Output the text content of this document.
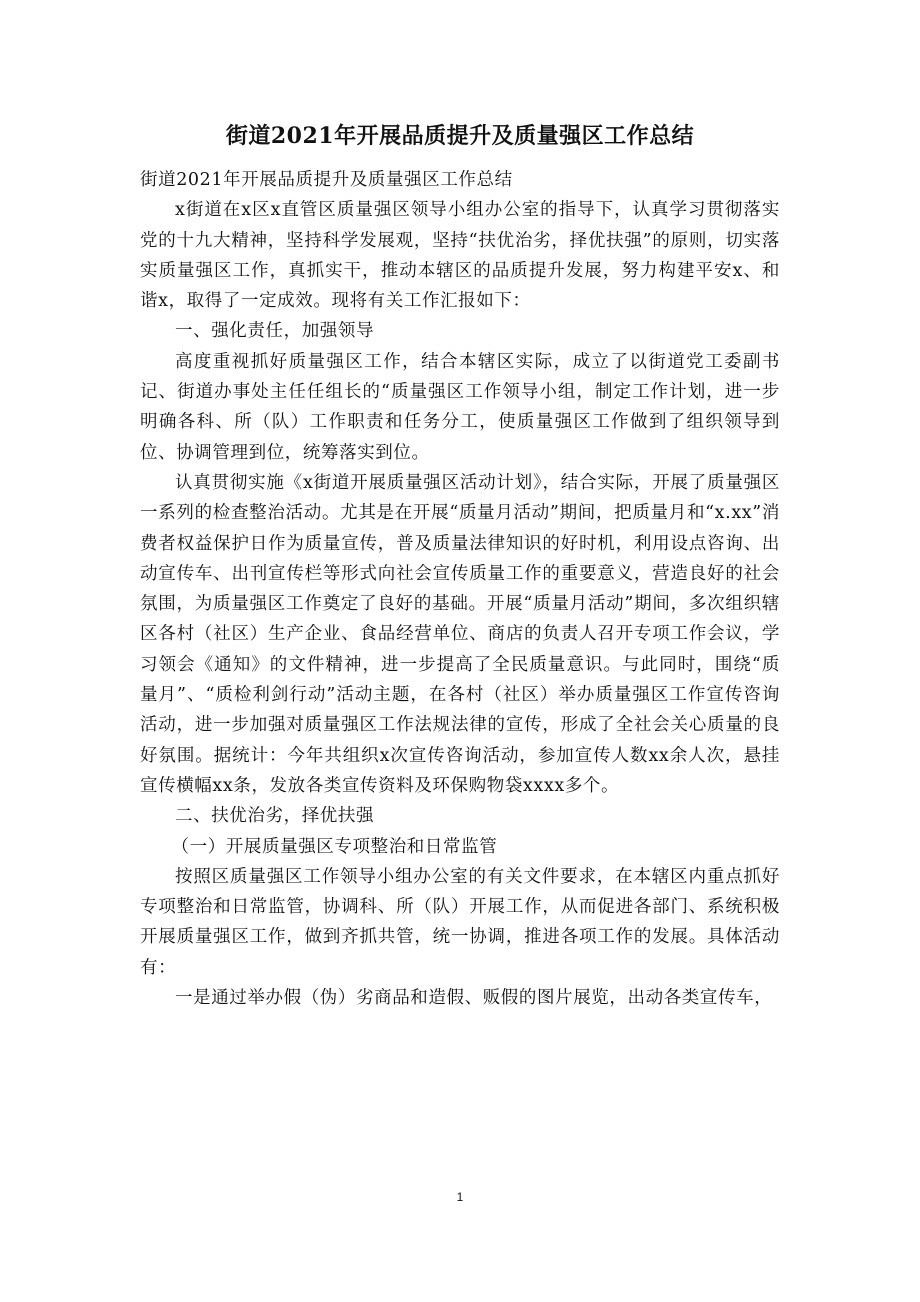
街道2021年开展品质提升及质量强区工作总结

街道2021年开展品质提升及质量强区工作总结

x街道在x区x直管区质量强区领导小组办公室的指导下，认真学习贯彻落实党的十九大精神，坚持科学发展观，坚持“扶优治劣，择优扶强”的原则，切实落实质量强区工作，真抓实干，推动本辖区的品质提升发展，努力构建平安x、和谐x，取得了一定成效。现将有关工作汇报如下：

一、强化责任，加强领导

高度重视抓好质量强区工作，结合本辖区实际，成立了以街道党工委副书记、街道办事处主任任组长的“质量强区工作领导小组，制定工作计划，进一步明确各科、所（队）工作职责和任务分工，使质量强区工作做到了组织领导到位、协调管理到位，统筹落实到位。

认真贯彻实施《x街道开展质量强区活动计划》，结合实际，开展了质量强区一系列的检查整治活动。尤其是在开展“质量月活动”期间，把质量月和“x.xx”消费者权益保护日作为质量宣传，普及质量法律知识的好时机，利用设点咨询、出动宣传车、出刊宣传栏等形式向社会宣传质量工作的重要意义，营造良好的社会氛围，为质量强区工作奠定了良好的基础。开展“质量月活动”期间，多次组织辖区各村（社区）生产企业、食品经营单位、商店的负责人召开专项工作会议，学习领会《通知》的文件精神，进一步提高了全民质量意识。与此同时，围绕“质量月”、“质检利剑行动”活动主题，在各村（社区）举办质量强区工作宣传咨询活动，进一步加强对质量强区工作法规法律的宣传，形成了全社会关心质量的良好氛围。据统计：今年共组织x次宣传咨询活动，参加宣传人数xx余人次，悬挂宣传横幅xx条，发放各类宣传资料及环保购物袋xxxx多个。

二、扶优治劣，择优扶强

（一）开展质量强区专项整治和日常监管

按照区质量强区工作领导小组办公室的有关文件要求，在本辖区内重点抓好专项整治和日常监管，协调科、所（队）开展工作，从而促进各部门、系统积极开展质量强区工作，做到齐抓共管，统一协调，推进各项工作的发展。具体活动有：

一是通过举办假（伪）劣商品和造假、贩假的图片展览，出动各类宣传车，

1
